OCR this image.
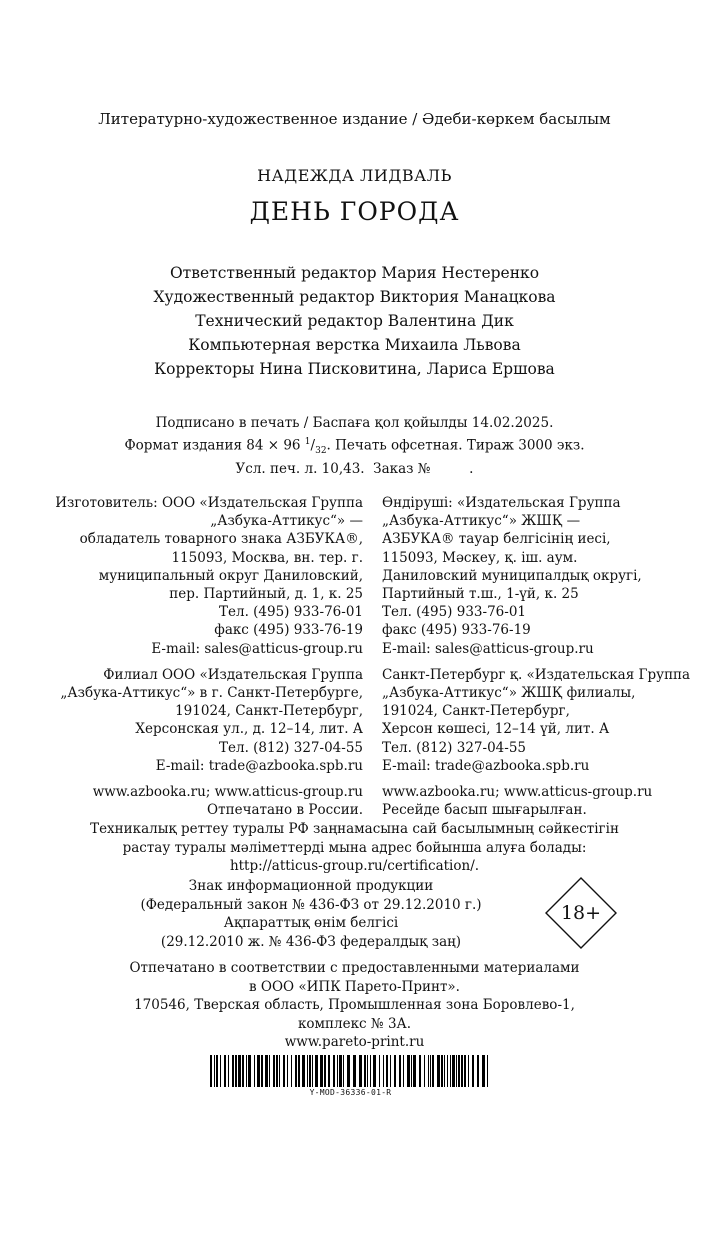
Литературно-художественное издание / Әдеби-көркем басылым
НАДЕЖДА ЛИДВАЛЬ
ДЕНЬ ГОРОДА
Ответственный редактор Мария Нестеренко
Художественный редактор Виктория Манацкова
Технический редактор Валентина Дик
Компьютерная верстка Михаила Львова
Корректоры Нина Писковитина, Лариса Ершова
Подписано в печать / Баспаға қол қойылды 14.02.2025.
Формат издания 84 × 96 $^1/_{32}$. Печать офсетная. Тираж 3000 экз.
Усл. печ. л. 10,43.  Заказ №         .
Изготовитель: ООО «Издательская Группа
„Азбука-Аттикус“» —
обладатель товарного знака АЗБУКА®,
115093, Москва, вн. тер. г.
муниципальный округ Даниловский,
пер. Партийный, д. 1, к. 25
Тел. (495) 933-76-01
факс (495) 933-76-19
E-mail: sales@atticus-group.ru
Филиал ООО «Издательская Группа
„Азбука-Аттикус“» в г. Санкт-Петербурге,
191024, Санкт-Петербург,
Херсонская ул., д. 12–14, лит. А
Тел. (812) 327-04-55
E-mail: trade@azbooka.spb.ru
www.azbooka.ru; www.atticus-group.ru
Отпечатано в России.
Өндіруші: «Издательская Группа
„Азбука-Аттикус“» ЖШҚ —
АЗБУКА® тауар белгісінің иесі,
115093, Мәскеу, қ. іш. аум.
Даниловский муниципалдық округі,
Партийный т.ш., 1-үй, к. 25
Тел. (495) 933-76-01
факс (495) 933-76-19
E-mail: sales@atticus-group.ru
Санкт-Петербург қ. «Издательская Группа
„Азбука-Аттикус“» ЖШҚ филиалы,
191024, Санкт-Петербург,
Херсон көшесі, 12–14 үй, лит. А
Тел. (812) 327-04-55
E-mail: trade@azbooka.spb.ru
www.azbooka.ru; www.atticus-group.ru
Ресейде басып шығарылған.
Техникалық реттеу туралы РФ заңнамасына сай басылымның сәйкестігін
растау туралы мәліметтерді мына адрес бойынша алуға болады:
http://atticus-group.ru/certification/.
Знак информационной продукции
(Федеральный закон № 436-ФЗ от 29.12.2010 г.)
Ақпараттық өнім белгісі
(29.12.2010 ж. № 436-ФЗ федералдық заң)
18+
Отпечатано в соответствии с предоставленными материалами
в ООО «ИПК Парето-Принт».
170546, Тверская область, Промышленная зона Боровлево-1,
комплекс № 3А.
www.pareto-print.ru
Y-MOD-36336-01-R
